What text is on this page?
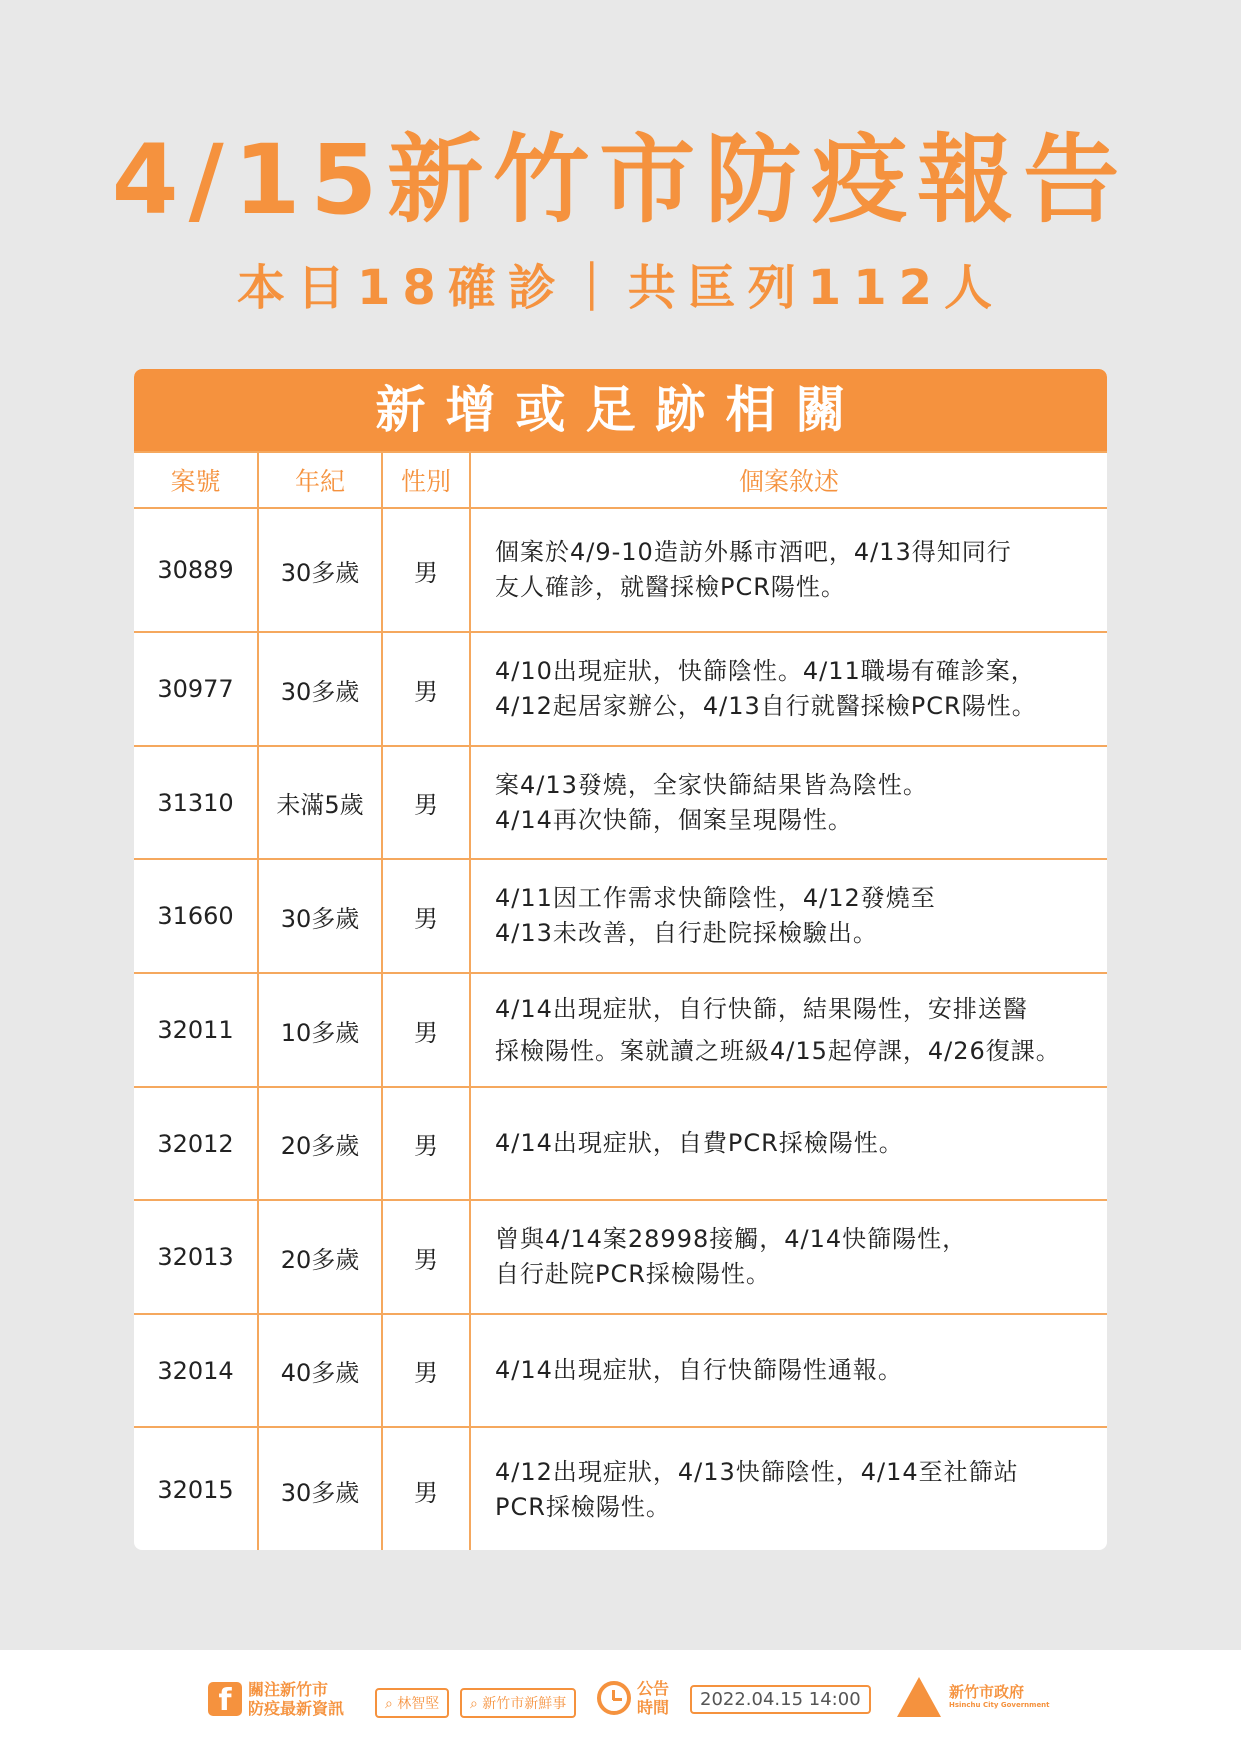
4/15新竹市防疫報告
本日18確診｜共匡列112人
新增或足跡相關
案號	年紀	性別	個案敘述
30889	30多歲	男	個案於4/9-10造訪外縣市酒吧，4/13得知同行
友人確診，就醫採檢PCR陽性。

30977	30多歲	男	4/10出現症狀，快篩陰性。4/11職場有確診案，
4/12起居家辦公，4/13自行就醫採檢PCR陽性。

31310	未滿5歲	男	案4/13發燒，全家快篩結果皆為陰性。
4/14再次快篩，個案呈現陽性。

31660	30多歲	男	4/11因工作需求快篩陰性，4/12發燒至
4/13未改善，自行赴院採檢驗出。

32011	10多歲	男	4/14出現症狀，自行快篩，結果陽性，安排送醫
採檢陽性。案就讀之班級4/15起停課，4/26復課。

32012	20多歲	男	4/14出現症狀，自費PCR採檢陽性。

32013	20多歲	男	曾與4/14案28998接觸，4/14快篩陽性，
自行赴院PCR採檢陽性。

32014	40多歲	男	4/14出現症狀，自行快篩陽性通報。

32015	30多歲	男	4/12出現症狀，4/13快篩陰性，4/14至社篩站
PCR採檢陽性。
f	關注新竹市
防疫最新資訊	⌕ 林智堅	⌕ 新竹市新鮮事
公告
時間	2022.04.15 14:00	新竹市政府
Hsinchu City Government
